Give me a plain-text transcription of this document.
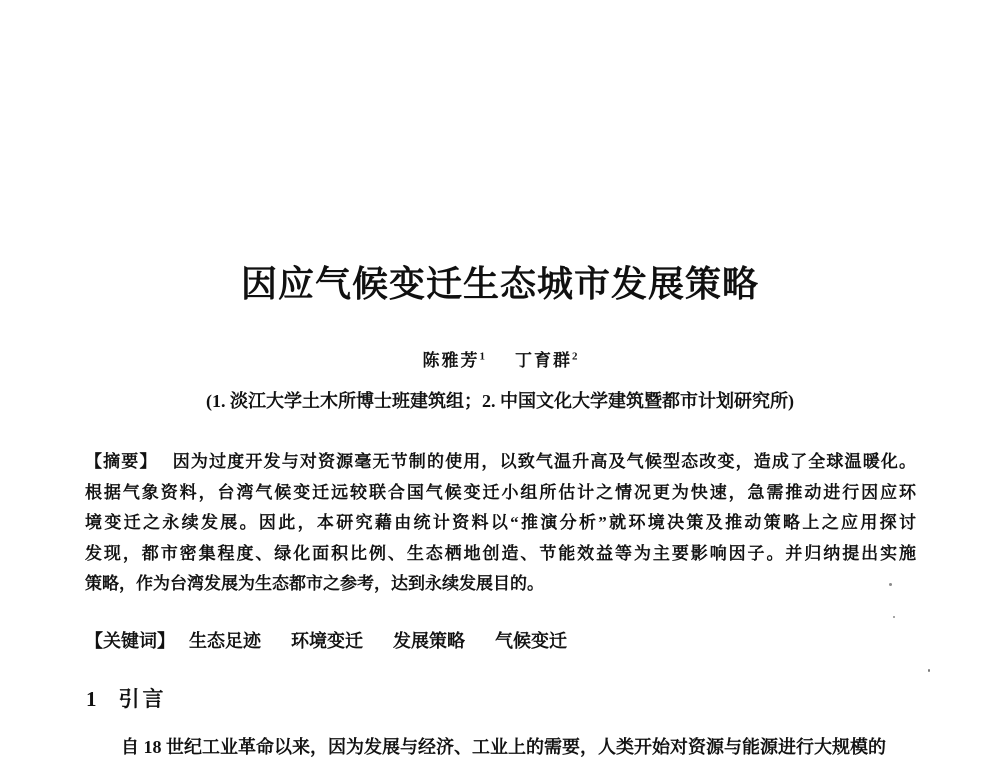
因应气候变迁生态城市发展策略
陈雅芳$^1$ 丁育群$^2$
(1. 淡江大学土木所博士班建筑组；2. 中国文化大学建筑暨都市计划研究所)
【摘要】 因为过度开发与对资源毫无节制的使用，以致气温升高及气候型态改变，造成了全球温暖化。
根据气象资料，台湾气候变迁远较联合国气候变迁小组所估计之情况更为快速，急需推动进行因应环
境变迁之永续发展。因此，本研究藉由统计资料以“推演分析”就环境决策及推动策略上之应用探讨
发现，都市密集程度、绿化面积比例、生态栖地创造、节能效益等为主要影响因子。并归纳提出实施
策略，作为台湾发展为生态都市之参考，达到永续发展目的。
【关键词】 生态足迹 环境变迁 发展策略 气候变迁
1 引言
自 18 世纪工业革命以来，因为发展与经济、工业上的需要，人类开始对资源与能源进行大规模的
